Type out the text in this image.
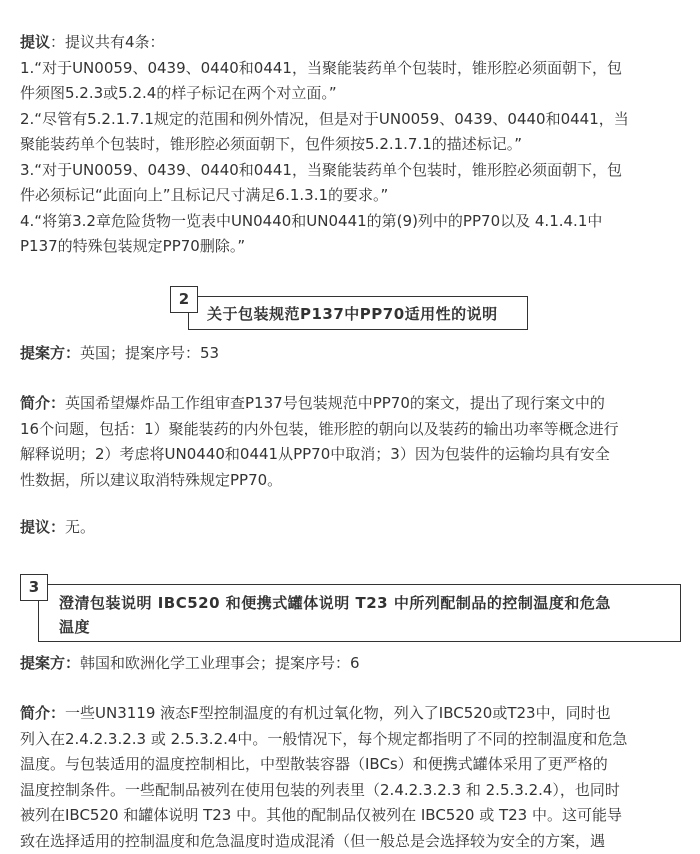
提议：提议共有4条：
1.“对于UN0059、0439、0440和0441，当聚能装药单个包装时，锥形腔必须面朝下，包
件须图5.2.3或5.2.4的样子标记在两个对立面。”
2.“尽管有5.2.1.7.1规定的范围和例外情况，但是对于UN0059、0439、0440和0441，当
聚能装药单个包装时，锥形腔必须面朝下，包件须按5.2.1.7.1的描述标记。”
3.“对于UN0059、0439、0440和0441，当聚能装药单个包装时，锥形腔必须面朝下，包
件必须标记“此面向上”且标记尺寸满足6.1.3.1的要求。”
4.“将第3.2章危险货物一览表中UN0440和UN0441的第(9)列中的PP70以及 4.1.4.1中
P137的特殊包装规定PP70删除。”
关于包装规范P137中PP70适用性的说明
2

提案方：英国；提案序号：53

简介：英国希望爆炸品工作组审查P137号包装规范中PP70的案文，提出了现行案文中的
16个问题，包括：1）聚能装药的内外包装，锥形腔的朝向以及装药的输出功率等概念进行
解释说明；2）考虑将UN0440和0441从PP70中取消；3）因为包装件的运输均具有安全
性数据，所以建议取消特殊规定PP70。

提议：无。

澄清包装说明 IBC520 和便携式罐体说明 T23 中所列配制品的控制温度和危急
温度
3

提案方：韩国和欧洲化学工业理事会；提案序号：6

简介：一些UN3119 液态F型控制温度的有机过氧化物，列入了IBC520或T23中，同时也
列入在2.4.2.3.2.3 或 2.5.3.2.4中。一般情况下，每个规定都指明了不同的控制温度和危急
温度。与包装适用的温度控制相比，中型散装容器（IBCs）和便携式罐体采用了更严格的
温度控制条件。一些配制品被列在使用包装的列表里（2.4.2.3.2.3 和 2.5.3.2.4），也同时
被列在IBC520 和罐体说明 T23 中。其他的配制品仅被列在 IBC520 或 T23 中。这可能导
致在选择适用的控制温度和危急温度时造成混淆（但一般总是会选择较为安全的方案，遇
